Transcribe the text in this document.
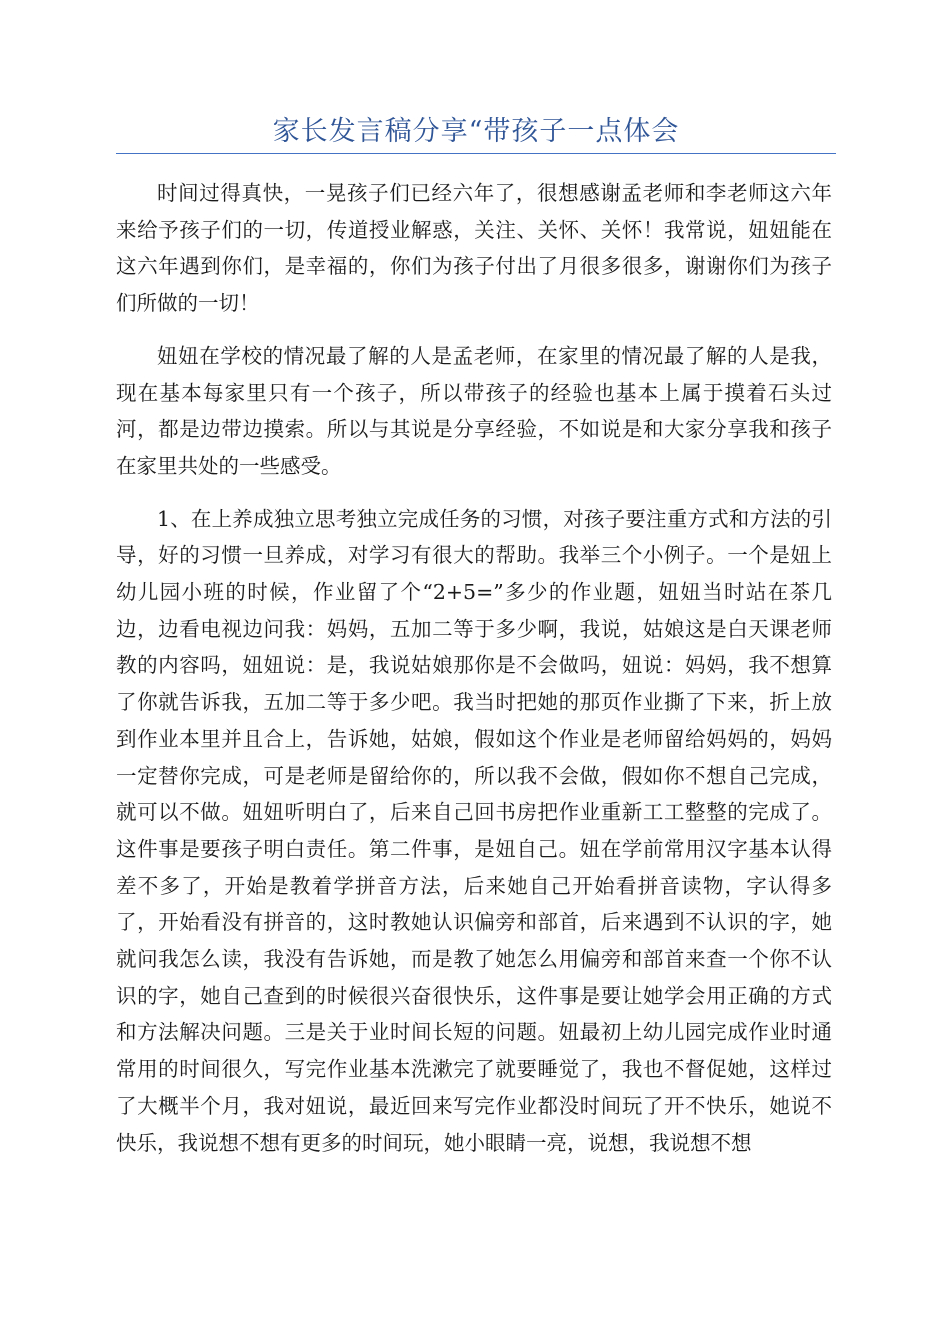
家长发言稿分享“带孩子一点体会

时间过得真快，一晃孩子们已经六年了，很想感谢孟老师和李老师这六年来给予孩子们的一切，传道授业解惑，关注、关怀、关怀！我常说，妞妞能在这六年遇到你们，是幸福的，你们为孩子付出了月很多很多，谢谢你们为孩子们所做的一切！

妞妞在学校的情况最了解的人是孟老师，在家里的情况最了解的人是我，现在基本每家里只有一个孩子，所以带孩子的经验也基本上属于摸着石头过河，都是边带边摸索。所以与其说是分享经验，不如说是和大家分享我和孩子在家里共处的一些感受。

1、在上养成独立思考独立完成任务的习惯，对孩子要注重方式和方法的引导，好的习惯一旦养成，对学习有很大的帮助。我举三个小例子。一个是妞上幼儿园小班的时候，作业留了个“2+5=”多少的作业题，妞妞当时站在茶几边，边看电视边问我：妈妈，五加二等于多少啊，我说，姑娘这是白天课老师教的内容吗，妞妞说：是，我说姑娘那你是不会做吗，妞说：妈妈，我不想算了你就告诉我，五加二等于多少吧。我当时把她的那页作业撕了下来，折上放到作业本里并且合上，告诉她，姑娘，假如这个作业是老师留给妈妈的，妈妈一定替你完成，可是老师是留给你的，所以我不会做，假如你不想自己完成，就可以不做。妞妞听明白了，后来自己回书房把作业重新工工整整的完成了。这件事是要孩子明白责任。第二件事，是妞自己。妞在学前常用汉字基本认得差不多了，开始是教着学拼音方法，后来她自己开始看拼音读物，字认得多了，开始看没有拼音的，这时教她认识偏旁和部首，后来遇到不认识的字，她就问我怎么读，我没有告诉她，而是教了她怎么用偏旁和部首来查一个你不认识的字，她自己查到的时候很兴奋很快乐，这件事是要让她学会用正确的方式和方法解决问题。三是关于业时间长短的问题。妞最初上幼儿园完成作业时通常用的时间很久，写完作业基本洗漱完了就要睡觉了，我也不督促她，这样过了大概半个月，我对妞说，最近回来写完作业都没时间玩了开不快乐，她说不快乐，我说想不想有更多的时间玩，她小眼睛一亮，说想，我说想不想
